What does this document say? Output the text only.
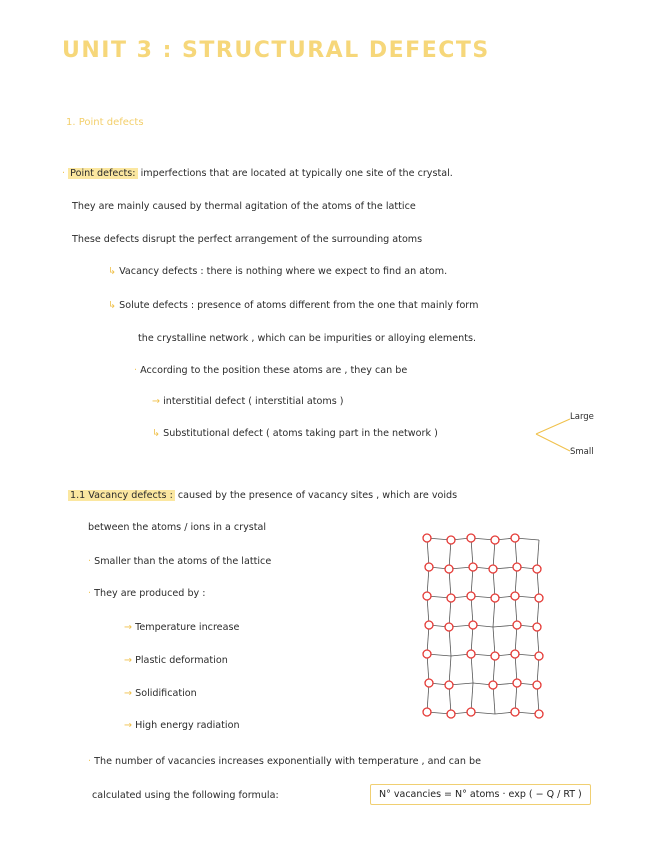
UNIT 3 : STRUCTURAL DEFECTS
1. Point defects
· Point defects: imperfections that are located at typically one site of the crystal.
They are mainly caused by thermal agitation of the atoms of the lattice
These defects disrupt the perfect arrangement of the surrounding atoms
↳ Vacancy defects : there is nothing where we expect to find an atom.
↳ Solute defects : presence of atoms different from the one that mainly form
the crystalline network , which can be impurities or alloying elements.
· According to the position these atoms are , they can be
→ interstitial defect ( interstitial atoms )
↳ Substitutional defect ( atoms taking part in the network )
Large
Small
1.1 Vacancy defects : caused by the presence of vacancy sites , which are voids
between the atoms / ions in a crystal
· Smaller than the atoms of the lattice
· They are produced by :
→ Temperature increase
→ Plastic deformation
→ Solidification
→ High energy radiation
· The number of vacancies increases exponentially with temperature , and can be
calculated using the following formula:	N° vacancies = N° atoms · exp ( − Q / RT )
